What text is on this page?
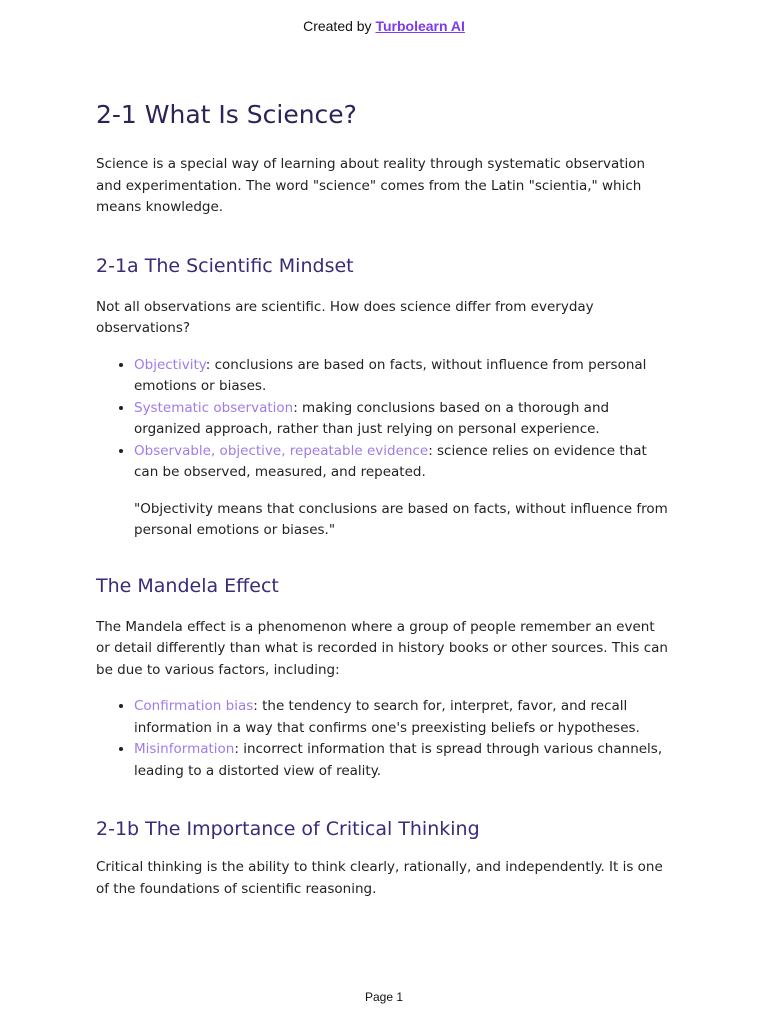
Created by Turbolearn AI
2-1 What Is Science?

Science is a special way of learning about reality through systematic observation and experimentation. The word "science" comes from the Latin "scientia," which means knowledge.

2-1a The Scientific Mindset

Not all observations are scientific. How does science differ from everyday observations?

• Objectivity: conclusions are based on facts, without influence from personal emotions or biases.
• Systematic observation: making conclusions based on a thorough and organized approach, rather than just relying on personal experience.
• Observable, objective, repeatable evidence: science relies on evidence that can be observed, measured, and repeated.

"Objectivity means that conclusions are based on facts, without influence from personal emotions or biases."

The Mandela Effect

The Mandela effect is a phenomenon where a group of people remember an event or detail differently than what is recorded in history books or other sources. This can be due to various factors, including:

• Confirmation bias: the tendency to search for, interpret, favor, and recall information in a way that confirms one's preexisting beliefs or hypotheses.
• Misinformation: incorrect information that is spread through various channels, leading to a distorted view of reality.
2-1b The Importance of Critical Thinking

Critical thinking is the ability to think clearly, rationally, and independently. It is one of the foundations of scientific reasoning.

Page 1
